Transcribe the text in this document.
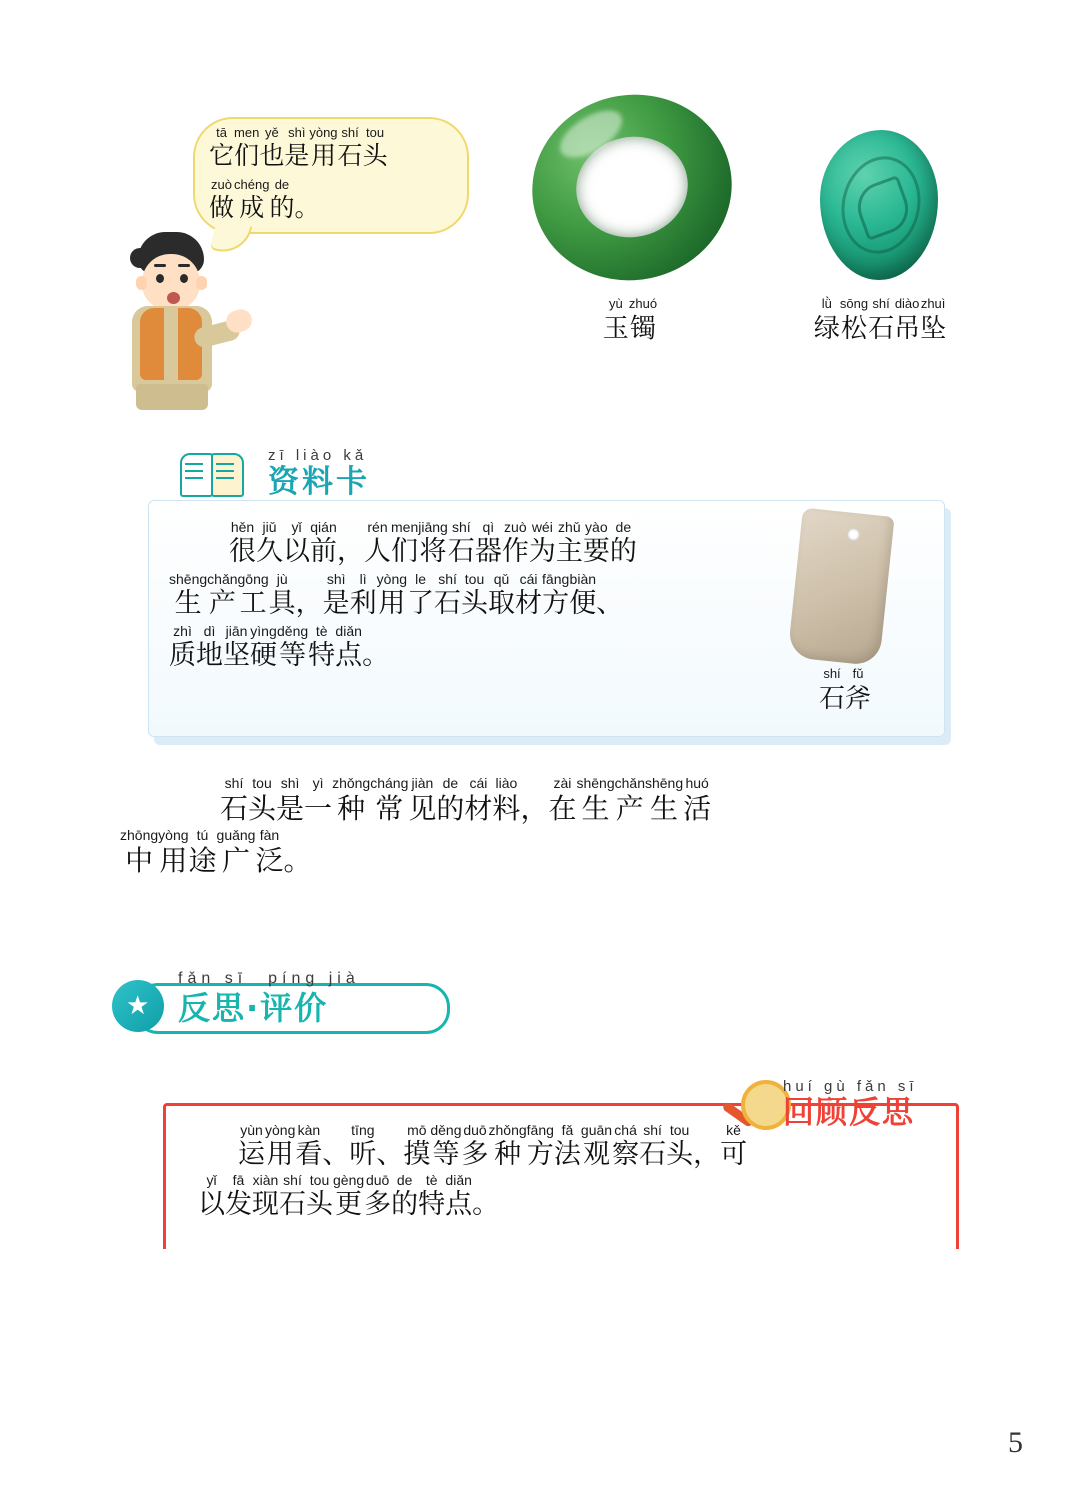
tā
它
men
们
yě
也
shì
是
yòng
用
shí
石
tou
头
zuò
做
chéng
成
de
的
。
yù
玉
zhuó
镯
lǜ
绿
sōng
松
shí
石
diào
吊
zhuì
坠
zī liào kǎ
资料卡
hěn
很
jiǔ
久
yǐ
以
qián
前
，
rén
人
men
们
jiāng
将
shí
石
qì
器
zuò
作
wéi
为
zhǔ
主
yào
要
de
的
shēng
生
chǎn
产
gōng
工
jù
具
，
shì
是
lì
利
yòng
用
le
了
shí
石
tou
头
qǔ
取
cái
材
fāng
方
biàn
便
、
zhì
质
dì
地
jiān
坚
yìng
硬
děng
等
tè
特
diǎn
点
。
shí
石
fǔ
斧
shí
石
tou
头
shì
是
yì
一
zhǒng
种
cháng
常
jiàn
见
de
的
cái
材
liào
料
，
zài
在
shēng
生
chǎn
产
shēng
生
huó
活
zhōng
中
yòng
用
tú
途
guǎng
广
fàn
泛
。
★
fǎn sī　píng jià
反思·评价
yùn
运
yòng
用
kàn
看
、
tīng
听
、
mō
摸
děng
等
duō
多
zhǒng
种
fāng
方
fǎ
法
guān
观
chá
察
shí
石
tou
头
，
kě
可
yǐ
以
fā
发
xiàn
现
shí
石
tou
头
gèng
更
duō
多
de
的
tè
特
diǎn
点
。
huí gù fǎn sī
回顾反思
5
